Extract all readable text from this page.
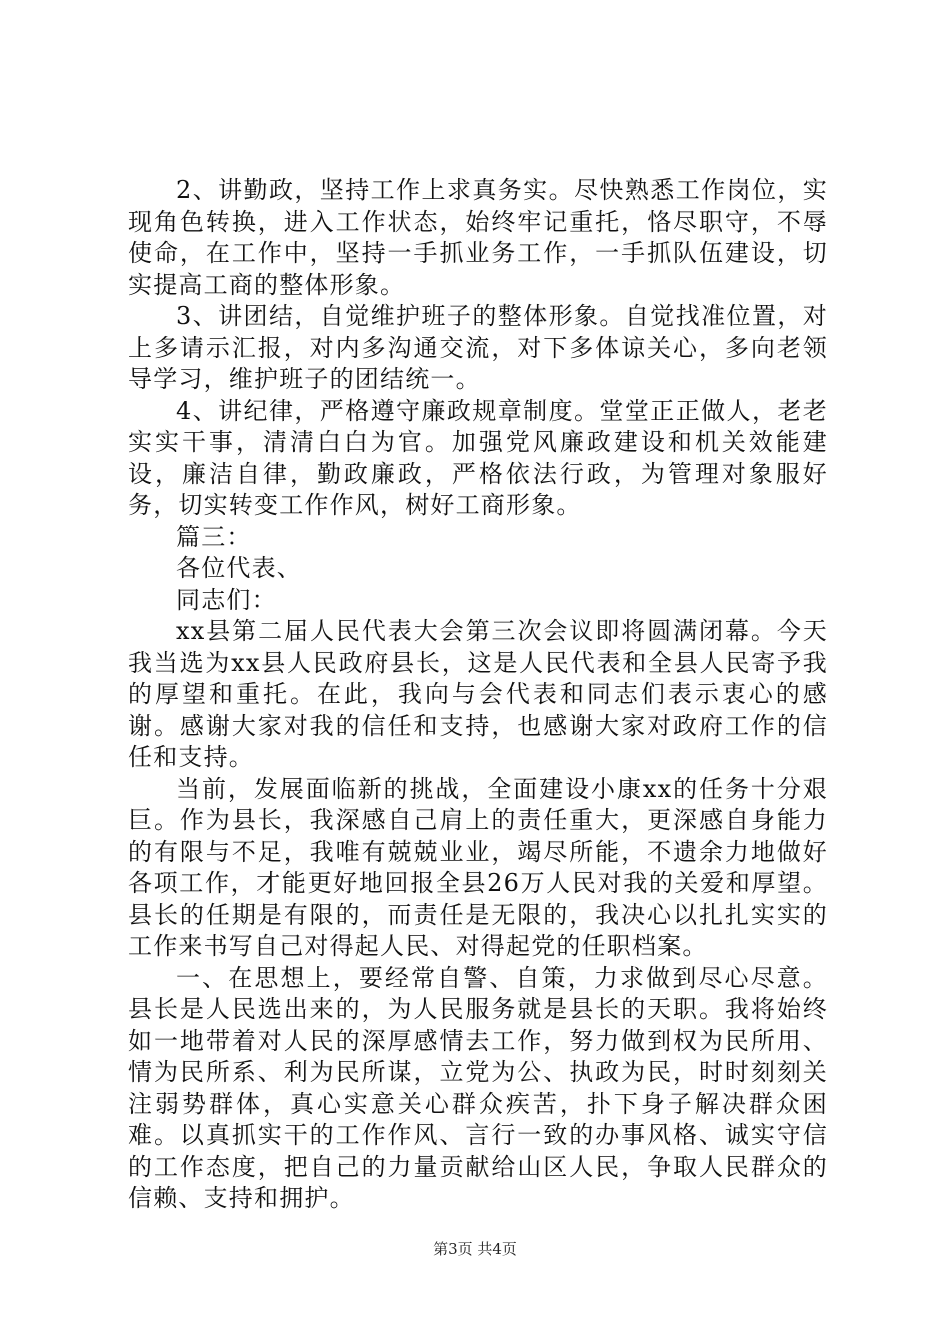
2、讲勤政，坚持工作上求真务实。尽快熟悉工作岗位，实现角色转换，进入工作状态，始终牢记重托，恪尽职守，不辱使命，在工作中，坚持一手抓业务工作，一手抓队伍建设，切实提高工商的整体形象。

3、讲团结，自觉维护班子的整体形象。自觉找准位置，对上多请示汇报，对内多沟通交流，对下多体谅关心，多向老领导学习，维护班子的团结统一。

4、讲纪律，严格遵守廉政规章制度。堂堂正正做人，老老实实干事，清清白白为官。加强党风廉政建设和机关效能建设，廉洁自律，勤政廉政，严格依法行政，为管理对象服好务，切实转变工作作风，树好工商形象。

篇三：

各位代表、

同志们：

xx县第二届人民代表大会第三次会议即将圆满闭幕。今天我当选为xx县人民政府县长，这是人民代表和全县人民寄予我的厚望和重托。在此，我向与会代表和同志们表示衷心的感谢。感谢大家对我的信任和支持，也感谢大家对政府工作的信任和支持。

当前，发展面临新的挑战，全面建设小康xx的任务十分艰巨。作为县长，我深感自己肩上的责任重大，更深感自身能力的有限与不足，我唯有兢兢业业，竭尽所能，不遗余力地做好各项工作，才能更好地回报全县26万人民对我的关爱和厚望。县长的任期是有限的，而责任是无限的，我决心以扎扎实实的工作来书写自己对得起人民、对得起党的任职档案。

一、在思想上，要经常自警、自策，力求做到尽心尽意。县长是人民选出来的，为人民服务就是县长的天职。我将始终如一地带着对人民的深厚感情去工作，努力做到权为民所用、情为民所系、利为民所谋，立党为公、执政为民，时时刻刻关注弱势群体，真心实意关心群众疾苦，扑下身子解决群众困难。以真抓实干的工作作风、言行一致的办事风格、诚实守信的工作态度，把自己的力量贡献给山区人民，争取人民群众的信赖、支持和拥护。

第3页 共4页
